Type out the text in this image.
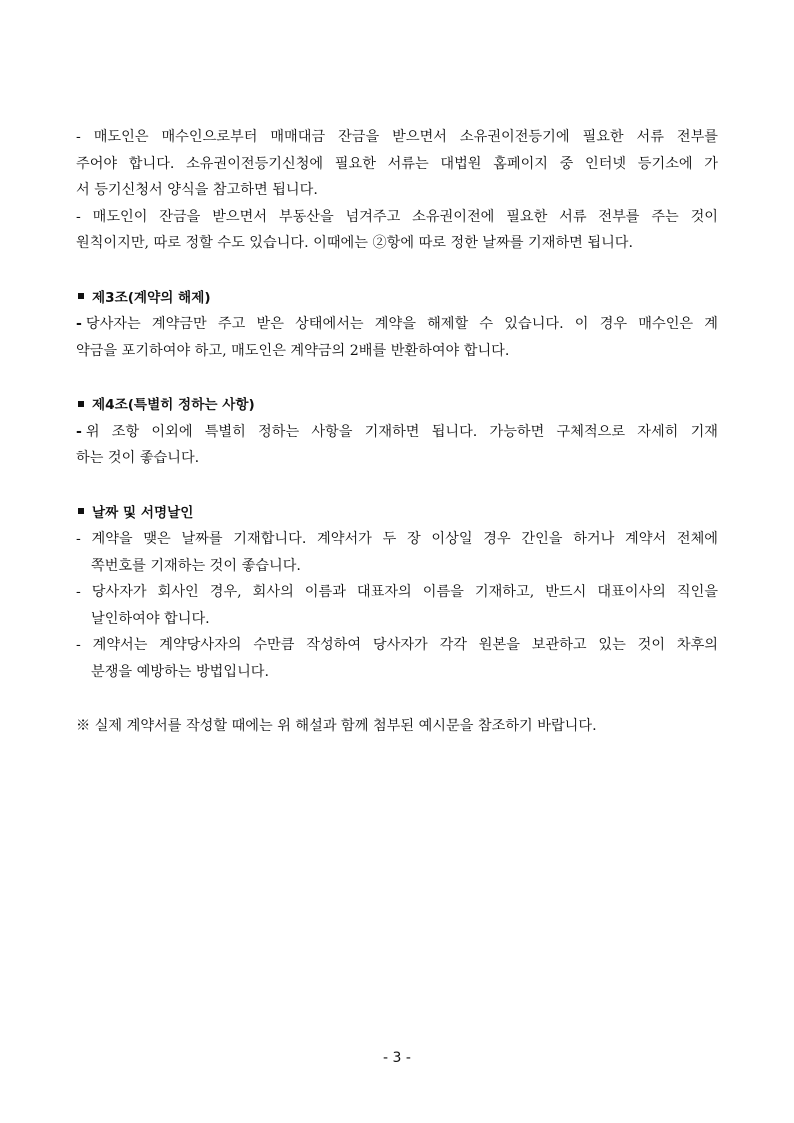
- 매도인은 매수인으로부터 매매대금 잔금을 받으면서 소유권이전등기에 필요한 서류 전부를
주어야 합니다. 소유권이전등기신청에 필요한 서류는 대법원 홈페이지 중 인터넷 등기소에 가
서 등기신청서 양식을 참고하면 됩니다.
- 매도인이 잔금을 받으면서 부동산을 넘겨주고 소유권이전에 필요한 서류 전부를 주는 것이
원칙이지만, 따로 정할 수도 있습니다. 이때에는 ②항에 따로 정한 날짜를 기재하면 됩니다.
제3조(계약의 해제)
- 당사자는 계약금만 주고 받은 상태에서는 계약을 해제할 수 있습니다. 이 경우 매수인은 계
약금을 포기하여야 하고, 매도인은 계약금의 2배를 반환하여야 합니다.
제4조(특별히 정하는 사항)
- 위 조항 이외에 특별히 정하는 사항을 기재하면 됩니다. 가능하면 구체적으로 자세히 기재
하는 것이 좋습니다.
날짜 및 서명날인
- 계약을 맺은 날짜를 기재합니다. 계약서가 두 장 이상일 경우 간인을 하거나 계약서 전체에
쪽번호를 기재하는 것이 좋습니다.
- 당사자가 회사인 경우, 회사의 이름과 대표자의 이름을 기재하고, 반드시 대표이사의 직인을
날인하여야 합니다.
- 계약서는 계약당사자의 수만큼 작성하여 당사자가 각각 원본을 보관하고 있는 것이 차후의
분쟁을 예방하는 방법입니다.
※ 실제 계약서를 작성할 때에는 위 해설과 함께 첨부된 예시문을 참조하기 바랍니다.
- 3 -
